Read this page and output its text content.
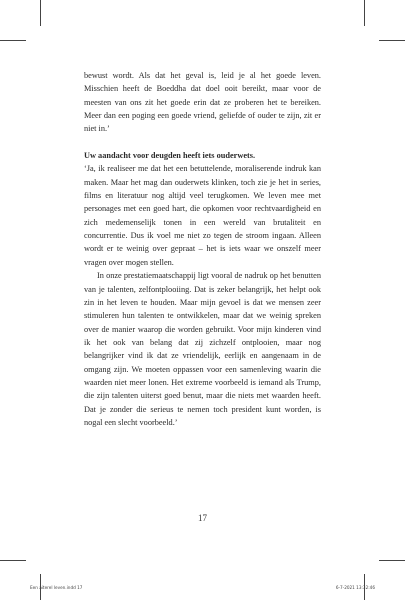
bewust wordt. Als dat het geval is, leid je al het goede leven. Misschien heeft de Boeddha dat doel ooit bereikt, maar voor de meesten van ons zit het goede erin dat ze proberen het te bereiken. Meer dan een poging een goede vriend, geliefde of ouder te zijn, zit er niet in.’

Uw aandacht voor deugden heeft iets ouderwets.

‘Ja, ik realiseer me dat het een betuttelende, moraliserende indruk kan maken. Maar het mag dan ouderwets klinken, toch zie je het in series, films en literatuur nog altijd veel terugkomen. We leven mee met personages met een goed hart, die opkomen voor rechtvaardigheid en zich medemenselijk tonen in een wereld van brutaliteit en concurrentie. Dus ik voel me niet zo tegen de stroom ingaan. Alleen wordt er te weinig over gepraat – het is iets waar we onszelf meer vragen over mogen stellen.

In onze prestatiemaatschappij ligt vooral de nadruk op het benutten van je talenten, zelfontplooiing. Dat is zeker belangrijk, het helpt ook zin in het leven te houden. Maar mijn gevoel is dat we mensen zeer stimuleren hun talenten te ontwikkelen, maar dat we weinig spreken over de manier waarop die worden gebruikt. Voor mijn kinderen vind ik het ook van belang dat zij zichzelf ontplooien, maar nog belangrijker vind ik dat ze vriendelijk, eerlijk en aangenaam in de omgang zijn. We moeten oppassen voor een samenleving waarin die waarden niet meer lonen. Het extreme voorbeeld is iemand als Trump, die zijn talenten uiterst goed benut, maar die niets met waarden heeft. Dat je zonder die serieus te nemen toch president kunt worden, is nogal een slecht voorbeeld.’

17
Een aiterel leven.indd 17	6-7-2021 13:32:46
